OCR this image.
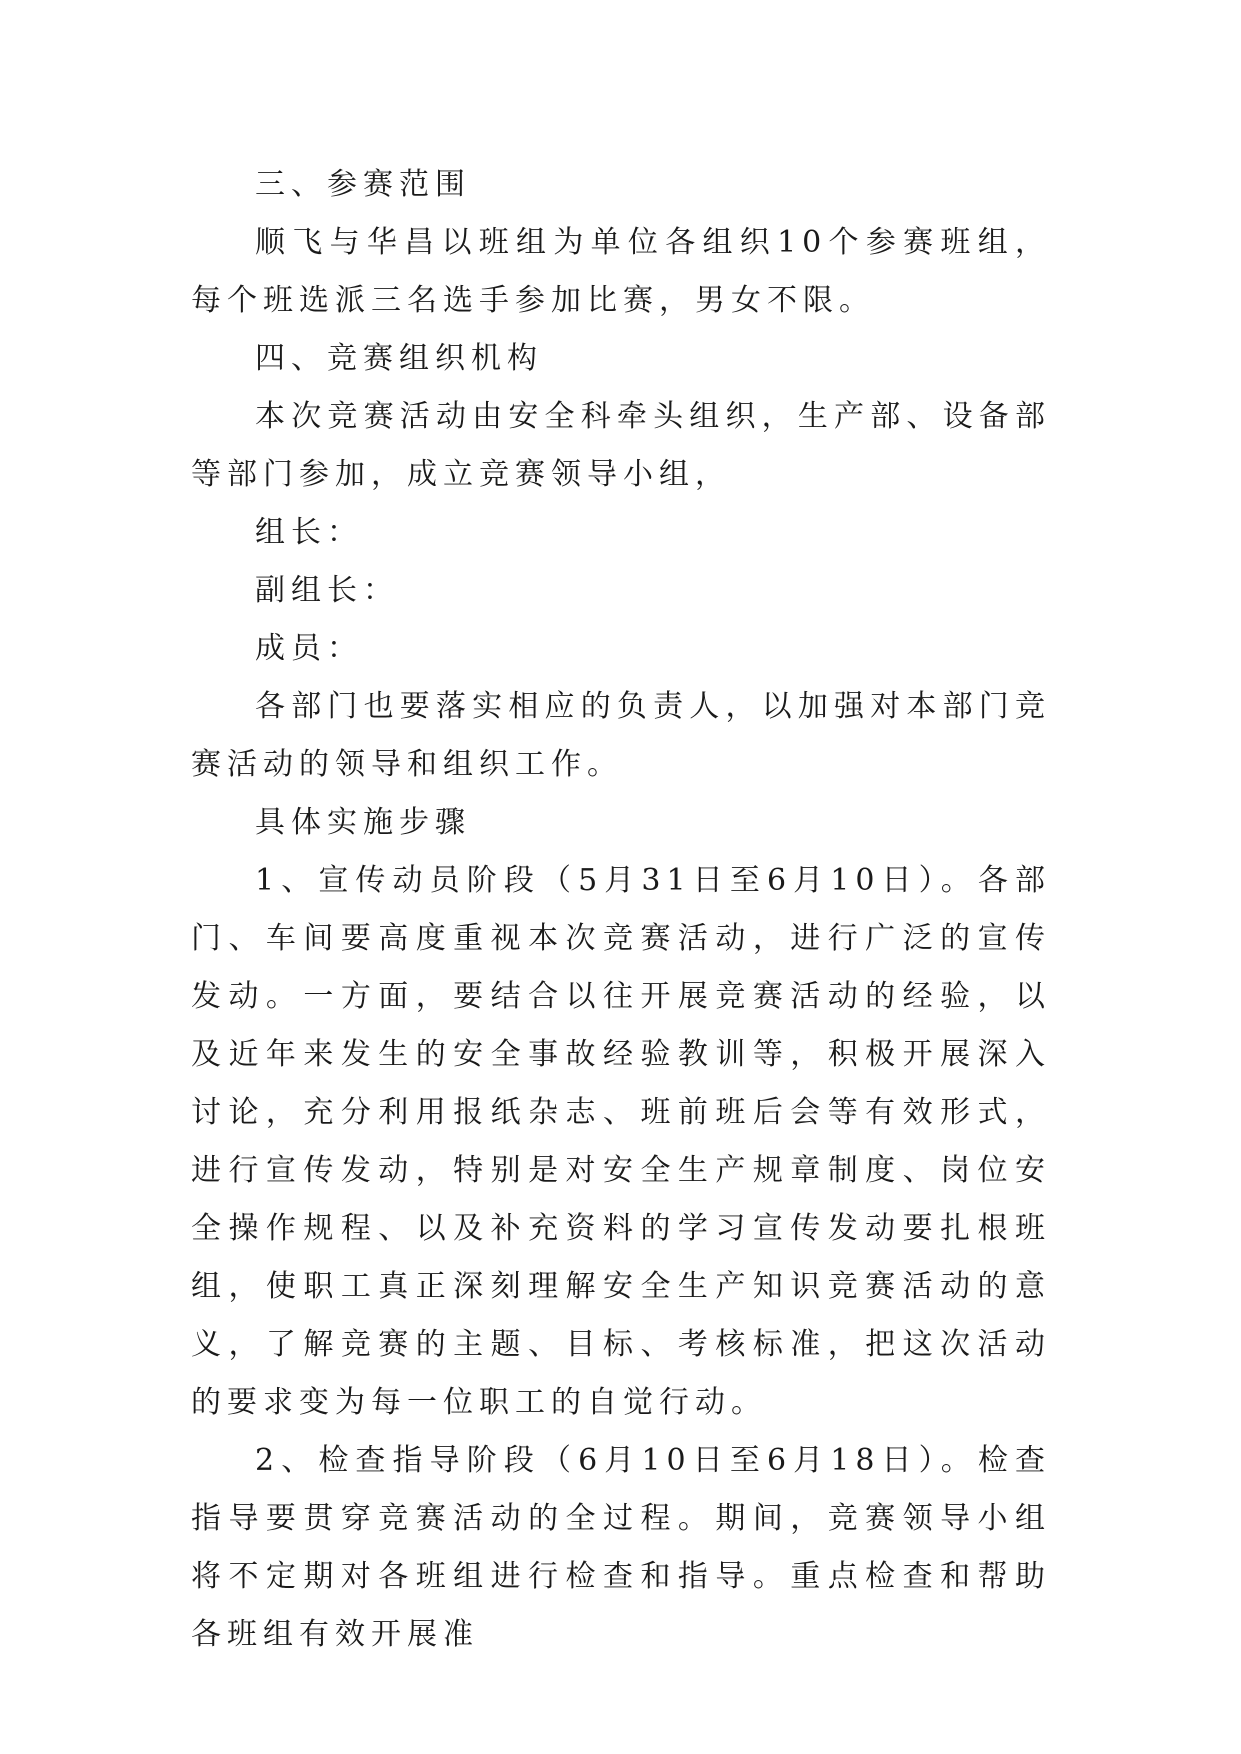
三、参赛范围

顺飞与华昌以班组为单位各组织10个参赛班组，每个班选派三名选手参加比赛，男女不限。

四、竞赛组织机构

本次竞赛活动由安全科牵头组织，生产部、设备部等部门参加，成立竞赛领导小组，

组长：

副组长：

成员：

各部门也要落实相应的负责人，以加强对本部门竞赛活动的领导和组织工作。

具体实施步骤

1、宣传动员阶段（5月31日至6月10日）。各部门、车间要高度重视本次竞赛活动，进行广泛的宣传发动。一方面，要结合以往开展竞赛活动的经验，以及近年来发生的安全事故经验教训等，积极开展深入讨论，充分利用报纸杂志、班前班后会等有效形式，进行宣传发动，特别是对安全生产规章制度、岗位安全操作规程、以及补充资料的学习宣传发动要扎根班组，使职工真正深刻理解安全生产知识竞赛活动的意义，了解竞赛的主题、目标、考核标准，把这次活动的要求变为每一位职工的自觉行动。

2、检查指导阶段（6月10日至6月18日）。检查指导要贯穿竞赛活动的全过程。期间，竞赛领导小组将不定期对各班组进行检查和指导。重点检查和帮助各班组有效开展准
